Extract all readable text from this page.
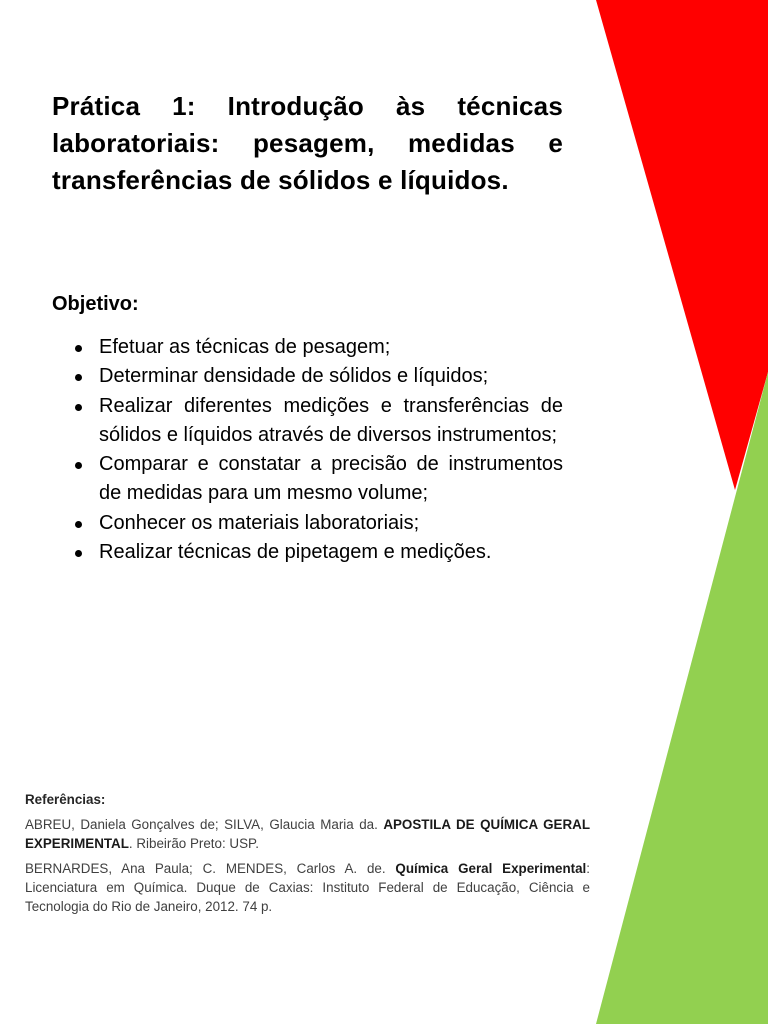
Prática 1: Introdução às técnicas laboratoriais: pesagem, medidas e transferências de sólidos e líquidos.
Objetivo:
Efetuar as técnicas de pesagem;
Determinar densidade de sólidos e líquidos;
Realizar diferentes medições e transferências de sólidos e líquidos através de diversos instrumentos;
Comparar e constatar a precisão de instrumentos de medidas para um mesmo volume;
Conhecer os materiais laboratoriais;
Realizar técnicas de pipetagem e medições.

Referências:

ABREU, Daniela Gonçalves de; SILVA, Glaucia Maria da. APOSTILA DE QUÍMICA GERAL EXPERIMENTAL. Ribeirão Preto: USP.

BERNARDES, Ana Paula; C. MENDES, Carlos A. de. Química Geral Experimental: Licenciatura em Química. Duque de Caxias: Instituto Federal de Educação, Ciência e Tecnologia do Rio de Janeiro, 2012. 74 p.
